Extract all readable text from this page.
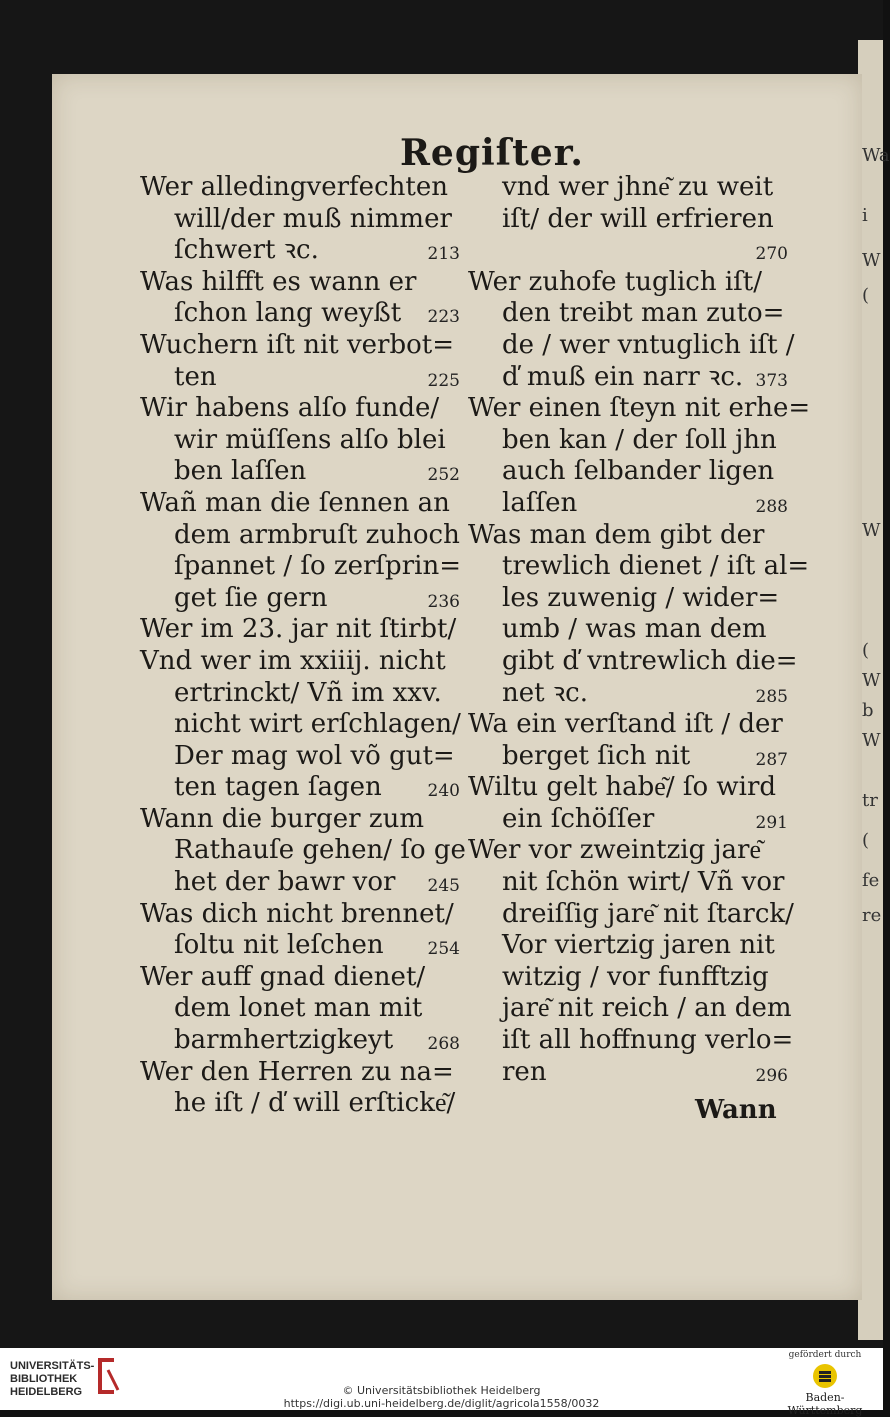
Wa
i
W
(
W
(
W
b
W
tr
(
fe
re
Regiſter.
Wer alledingverfechten
will/der muß nimmer
ſchwert ꝛc.	213
Was hilfft es wann er
ſchon lang weyßt 223
Wuchern iſt nit verbot=
ten	225
Wir habens alſo funde/
wir müſſens alſo blei
ben laſſen	252
Wañ man die ſennen an
dem armbruſt zuhoch
ſpannet / ſo zerſprin=
get ſie gern	236
Wer im 23. jar nit ſtirbt/
Vnd wer im xxiiij. nicht
ertrinckt/ Vñ im xxv.
nicht wirt erſchlagen/
Der mag wol võ gut=
ten tagen ſagen	240
Wann die burger zum
Rathauſe gehen/ ſo ge
het der bawr vor 245
Was dich nicht brennet/
ſoltu nit leſchen	254
Wer auff gnad dienet/
dem lonet man mit
barmhertzigkeyt 268
Wer den Herren zu na=
he iſt / ď will erſticke͂/
vnd wer jhne͂ zu weit
iſt/ der will erfrieren
270
Wer zuhofe tuglich iſt/
den treibt man zuto=
de / wer vntuglich iſt /
ď muß ein narr ꝛc. 373
Wer einen ſteyn nit erhe=
ben kan / der ſoll jhn
auch ſelbander ligen
laſſen	288
Was man dem gibt der
trewlich dienet / iſt al=
les zuwenig / wider=
umb / was man dem
gibt ď vntrewlich die=
net ꝛc.	285
Wa ein verſtand iſt / der
berget ſich nit	287
Wiltu gelt habe͂/ ſo wird
ein ſchöſſer	291
Wer vor zweintzig jare͂
nit ſchön wirt/ Vñ vor
dreiſſig jare͂ nit ſtarck/
Vor viertzig jaren nit
witzig / vor funfftzig
jare͂ nit reich / an dem
iſt all hoffnung verlo=
ren	296
Wann
UNIVERSITÄTS-
BIBLIOTHEK
HEIDELBERG	© Universitätsbibliothek Heidelberg
https://digi.ub.uni-heidelberg.de/diglit/agricola1558/0032
gefördert durch
Baden-Württemberg
